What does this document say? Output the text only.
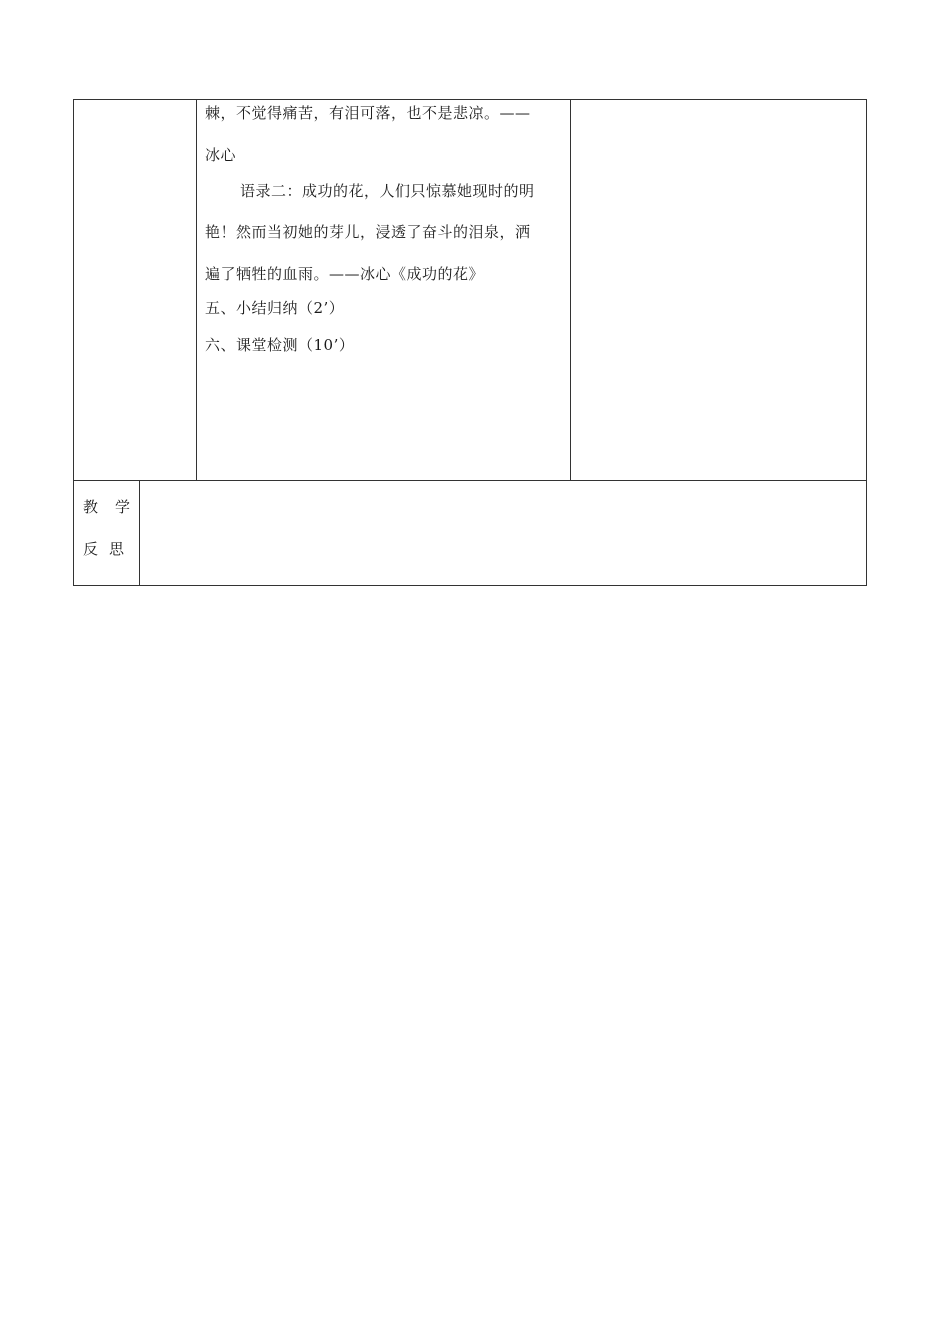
棘，不觉得痛苦，有泪可落，也不是悲凉。——
冰心
语录二：成功的花，人们只惊慕她现时的明
艳！然而当初她的芽儿，浸透了奋斗的泪泉，洒
遍了牺牲的血雨。——冰心《成功的花》
五、小结归纳（2’）
六、课堂检测（10’）
教 学
反 思
